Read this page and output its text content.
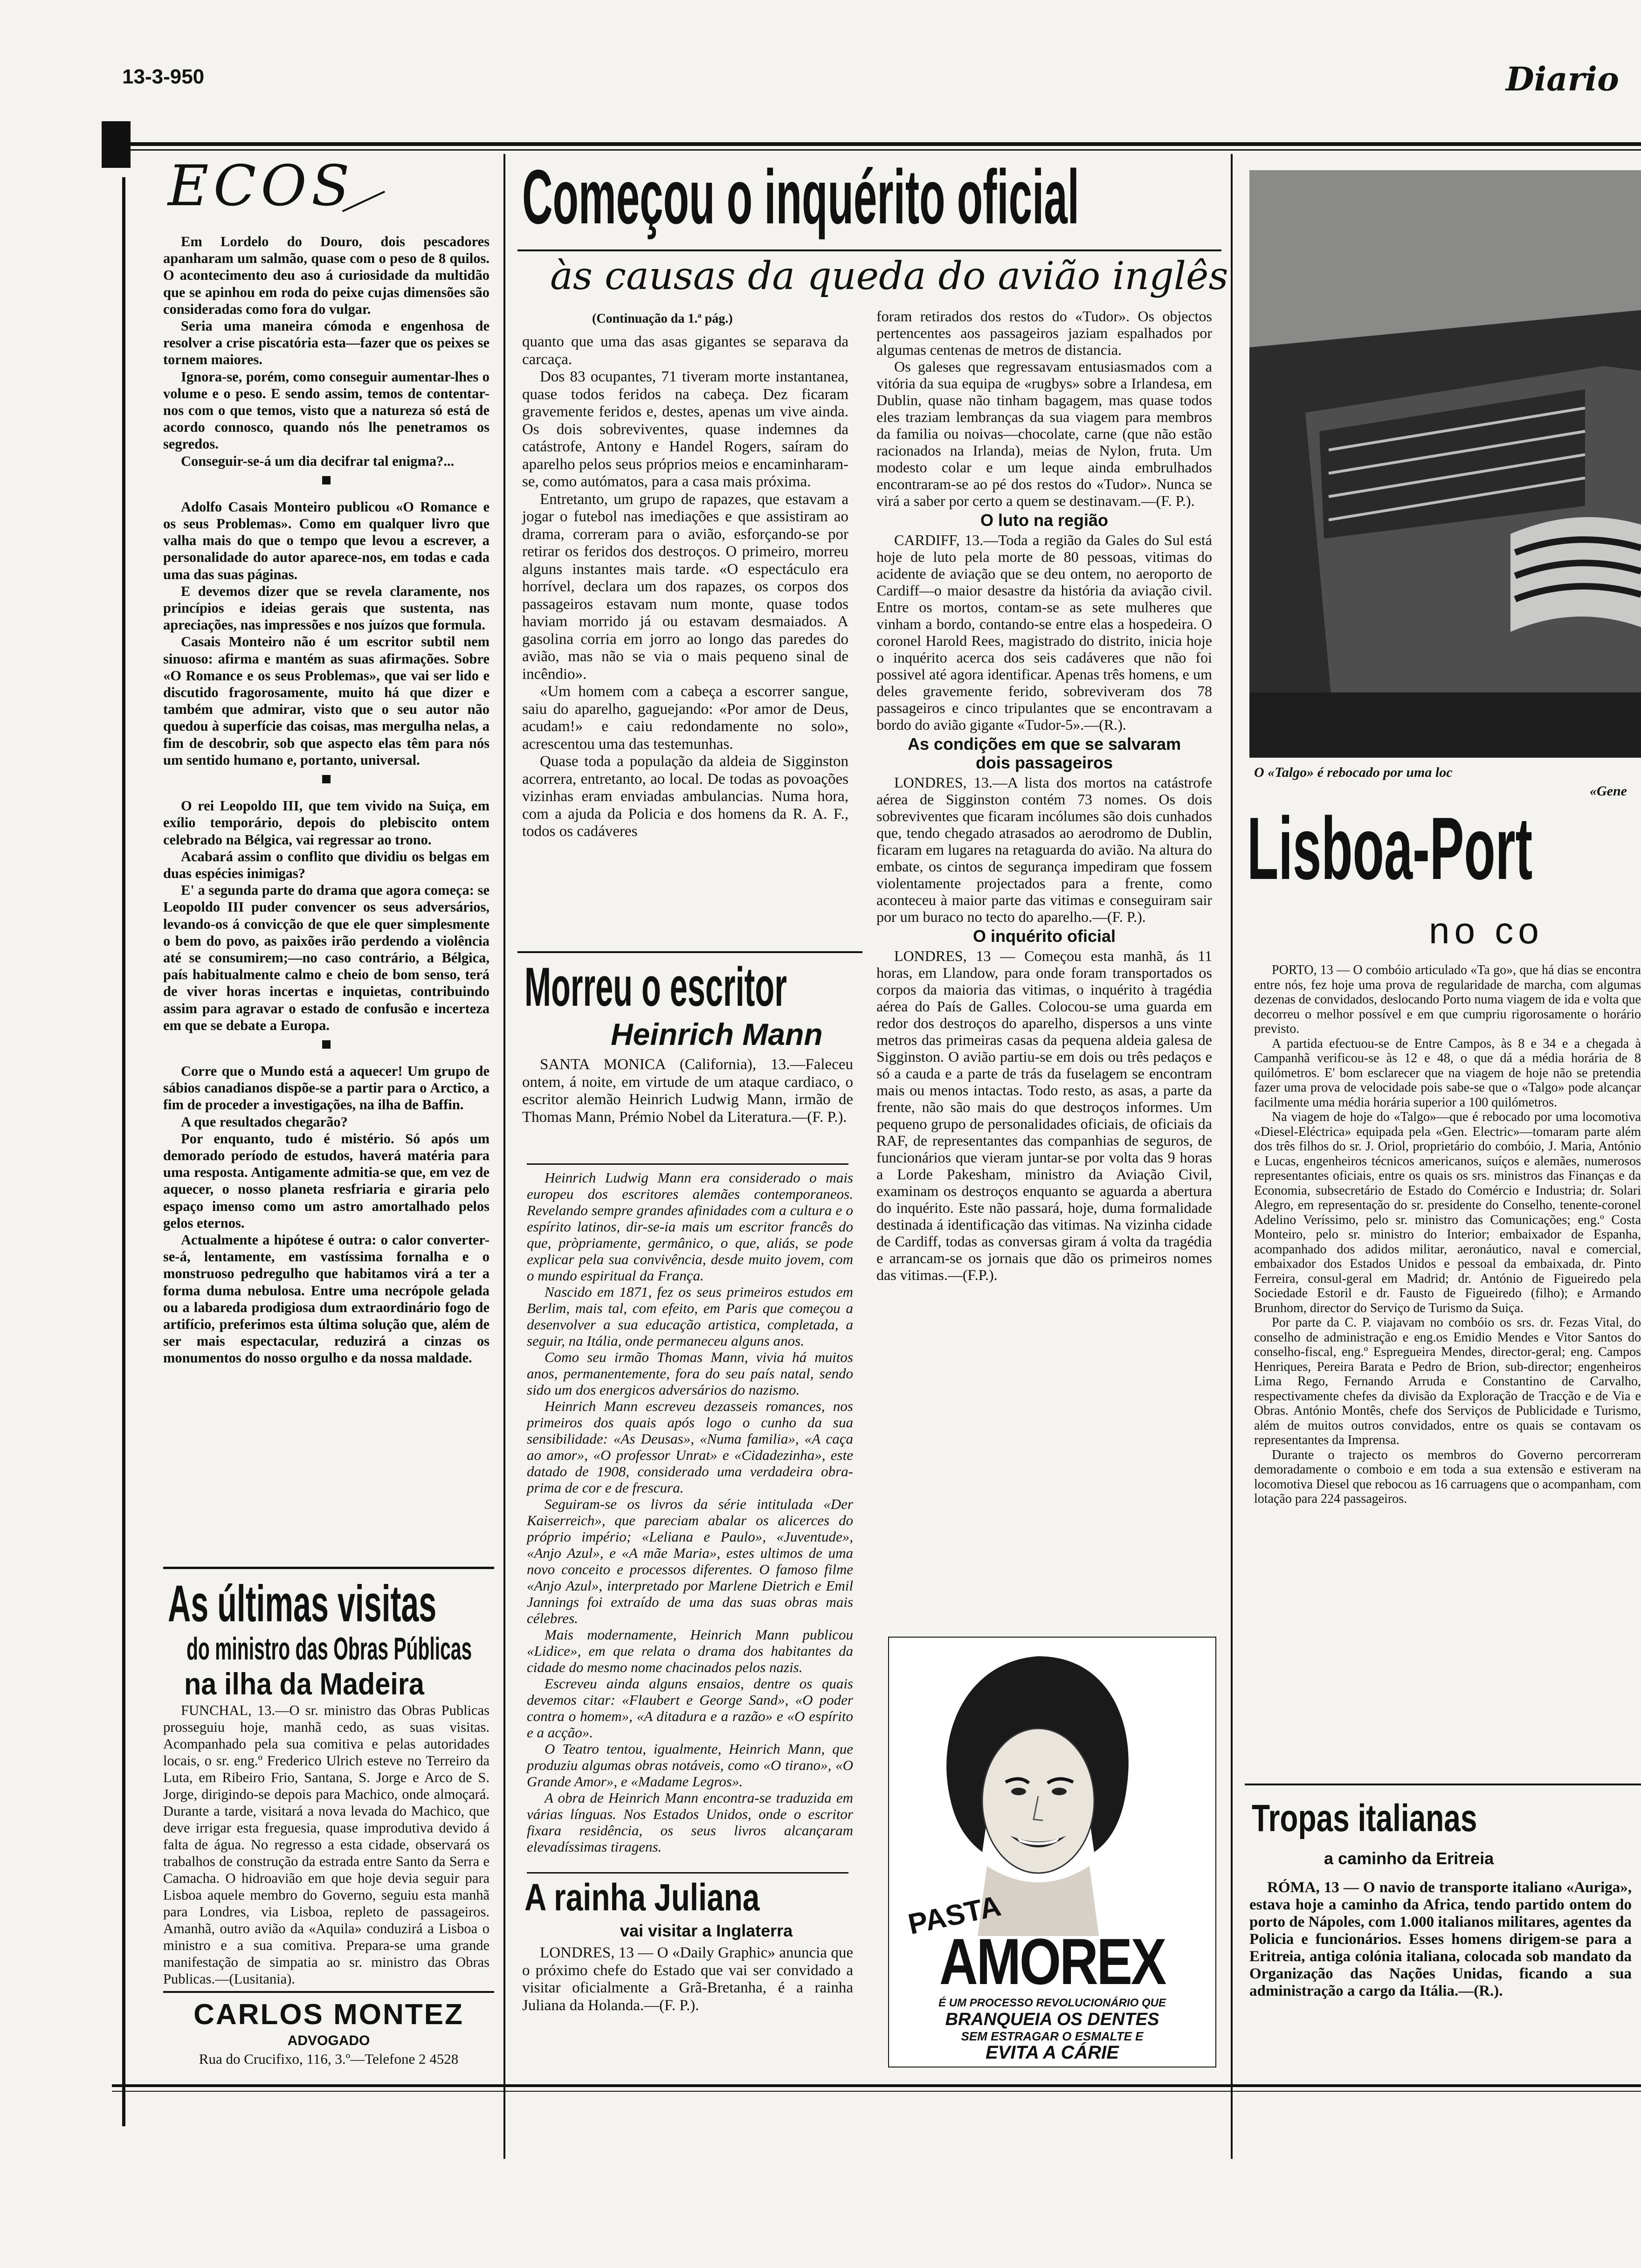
13-3-950	Diario
ECOS

Em Lordelo do Douro, dois pescadores apanharam um salmão, quase com o peso de 8 quilos. O acontecimento deu aso á curiosidade da multidão que se apinhou em roda do peixe cujas dimensões são consideradas como fora do vulgar.

Seria uma maneira cómoda e engenhosa de resolver a crise piscatória esta—fazer que os peixes se tornem maiores.

Ignora-se, porém, como conseguir aumentar-lhes o volume e o peso. E sendo assim, temos de contentar-nos com o que temos, visto que a natureza só está de acordo connosco, quando nós lhe penetramos os segredos.

Conseguir-se-á um dia decifrar tal enigma?...

Adolfo Casais Monteiro publicou «O Romance e os seus Problemas». Como em qualquer livro que valha mais do que o tempo que levou a escrever, a personalidade do autor aparece-nos, em todas e cada uma das suas páginas.

E devemos dizer que se revela claramente, nos princípios e ideias gerais que sustenta, nas apreciações, nas impressões e nos juízos que formula.

Casais Monteiro não é um escritor subtil nem sinuoso: afirma e mantém as suas afirmações. Sobre «O Romance e os seus Problemas», que vai ser lido e discutido fragorosamente, muito há que dizer e também que admirar, visto que o seu autor não quedou à superfície das coisas, mas mergulha nelas, a fim de descobrir, sob que aspecto elas têm para nós um sentido humano e, portanto, universal.

O rei Leopoldo III, que tem vivido na Suiça, em exílio temporário, depois do plebiscito ontem celebrado na Bélgica, vai regressar ao trono.

Acabará assim o conflito que dividiu os belgas em duas espécies inimigas?

E' a segunda parte do drama que agora começa: se Leopoldo III puder convencer os seus adversários, levando-os á convicção de que ele quer simplesmente o bem do povo, as paixões irão perdendo a violência até se consumirem;—no caso contrário, a Bélgica, país habitualmente calmo e cheio de bom senso, terá de viver horas incertas e inquietas, contribuindo assim para agravar o estado de confusão e incerteza em que se debate a Europa.

Corre que o Mundo está a aquecer! Um grupo de sábios canadianos dispõe-se a partir para o Arctico, a fim de proceder a investigações, na ilha de Baffin.

A que resultados chegarão?

Por enquanto, tudo é mistério. Só após um demorado período de estudos, haverá matéria para uma resposta. Antigamente admitia-se que, em vez de aquecer, o nosso planeta resfriaria e giraria pelo espaço imenso como um astro amortalhado pelos gelos eternos.

Actualmente a hipótese é outra: o calor converter-se-á, lentamente, em vastíssima fornalha e o monstruoso pedregulho que habitamos virá a ter a forma duma nebulosa. Entre uma necrópole gelada ou a labareda prodigiosa dum extraordinário fogo de artifício, preferimos esta última solução que, além de ser mais espectacular, reduzirá a cinzas os monumentos do nosso orgulho e da nossa maldade.

As últimas visitas
do ministro das Obras Públicas
na ilha da Madeira

FUNCHAL, 13.—O sr. ministro das Obras Publicas prosseguiu hoje, manhã cedo, as suas visitas. Acompanhado pela sua comitiva e pelas autoridades locais, o sr. eng.º Frederico Ulrich esteve no Terreiro da Luta, em Ribeiro Frio, Santana, S. Jorge e Arco de S. Jorge, dirigindo-se depois para Machico, onde almoçará. Durante a tarde, visitará a nova levada do Machico, que deve irrigar esta freguesia, quase improdutiva devido á falta de água. No regresso a esta cidade, observará os trabalhos de construção da estrada entre Santo da Serra e Camacha. O hidroavião em que hoje devia seguir para Lisboa aquele membro do Governo, seguiu esta manhã para Londres, via Lisboa, repleto de passageiros. Amanhã, outro avião da «Aquila» conduzirá a Lisboa o ministro e a sua comitiva. Prepara-se uma grande manifestação de simpatia ao sr. ministro das Obras Publicas.—(Lusitania).

CARLOS MONTEZ
ADVOGADO
Rua do Crucifixo, 116, 3.º—Telefone 2 4528
Começou o inquérito oficial
às causas da queda do avião inglês
(Continuação da 1.ª pág.)

quanto que uma das asas gigantes se separava da carcaça.

Dos 83 ocupantes, 71 tiveram morte instantanea, quase todos feridos na cabeça. Dez ficaram gravemente feridos e, destes, apenas um vive ainda. Os dois sobreviventes, quase indemnes da catástrofe, Antony e Handel Rogers, saíram do aparelho pelos seus próprios meios e encaminharam-se, como autómatos, para a casa mais próxima.

Entretanto, um grupo de rapazes, que estavam a jogar o futebol nas imediações e que assistiram ao drama, correram para o avião, esforçando-se por retirar os feridos dos destroços. O primeiro, morreu alguns instantes mais tarde. «O espectáculo era horrível, declara um dos rapazes, os corpos dos passageiros estavam num monte, quase todos haviam morrido já ou estavam desmaiados. A gasolina corria em jorro ao longo das paredes do avião, mas não se via o mais pequeno sinal de incêndio».

«Um homem com a cabeça a escorrer sangue, saiu do aparelho, gaguejando: «Por amor de Deus, acudam!» e caiu redondamente no solo», acrescentou uma das testemunhas.

Quase toda a população da aldeia de Sigginston acorrera, entretanto, ao local. De todas as povoações vizinhas eram enviadas ambulancias. Numa hora, com a ajuda da Policia e dos homens da R. A. F., todos os cadáveres

foram retirados dos restos do «Tudor». Os objectos pertencentes aos passageiros jaziam espalhados por algumas centenas de metros de distancia.

Os galeses que regressavam entusiasmados com a vitória da sua equipa de «rugbys» sobre a Irlandesa, em Dublin, quase não tinham bagagem, mas quase todos eles traziam lembranças da sua viagem para membros da familia ou noivas—chocolate, carne (que não estão racionados na Irlanda), meias de Nylon, fruta. Um modesto colar e um leque ainda embrulhados encontraram-se ao pé dos restos do «Tudor». Nunca se virá a saber por certo a quem se destinavam.—(F. P.).

O luto na região

CARDIFF, 13.—Toda a região da Gales do Sul está hoje de luto pela morte de 80 pessoas, vitimas do acidente de aviação que se deu ontem, no aeroporto de Cardiff—o maior desastre da história da aviação civil. Entre os mortos, contam-se as sete mulheres que vinham a bordo, contando-se entre elas a hospedeira. O coronel Harold Rees, magistrado do distrito, inicia hoje o inquérito acerca dos seis cadáveres que não foi possivel até agora identificar. Apenas três homens, e um deles gravemente ferido, sobreviveram dos 78 passageiros e cinco tripulantes que se encontravam a bordo do avião gigante «Tudor-5».—(R.).

As condições em que se salvaram dois passageiros

LONDRES, 13.—A lista dos mortos na catástrofe aérea de Sigginston contém 73 nomes. Os dois sobreviventes que ficaram incólumes são dois cunhados que, tendo chegado atrasados ao aerodromo de Dublin, ficaram em lugares na retaguarda do avião. Na altura do embate, os cintos de segurança impediram que fossem violentamente projectados para a frente, como aconteceu à maior parte das vitimas e conseguiram sair por um buraco no tecto do aparelho.—(F. P.).

O inquérito oficial

LONDRES, 13 — Começou esta manhã, ás 11 horas, em Llandow, para onde foram transportados os corpos da maioria das vitimas, o inquérito à tragédia aérea do País de Galles. Colocou-se uma guarda em redor dos destroços do aparelho, dispersos a uns vinte metros das primeiras casas da pequena aldeia galesa de Sigginston. O avião partiu-se em dois ou três pedaços e só a cauda e a parte de trás da fuselagem se encontram mais ou menos intactas. Todo resto, as asas, a parte da frente, não são mais do que destroços informes. Um pequeno grupo de personalidades oficiais, de oficiais da RAF, de representantes das companhias de seguros, de funcionários que vieram juntar-se por volta das 9 horas a Lorde Pakesham, ministro da Aviação Civil, examinam os destroços enquanto se aguarda a abertura do inquérito. Este não passará, hoje, duma formalidade destinada á identificação das vitimas. Na vizinha cidade de Cardiff, todas as conversas giram á volta da tragédia e arrancam-se os jornais que dão os primeiros nomes das vitimas.—(F.P.).

Morreu o escritor
Heinrich Mann

SANTA MONICA (California), 13.—Faleceu ontem, á noite, em virtude de um ataque cardiaco, o escritor alemão Heinrich Ludwig Mann, irmão de Thomas Mann, Prémio Nobel da Literatura.—(F. P.).

Heinrich Ludwig Mann era considerado o mais europeu dos escritores alemães contemporaneos. Revelando sempre grandes afinidades com a cultura e o espírito latinos, dir-se-ia mais um escritor francês do que, pròpriamente, germânico, o que, aliás, se pode explicar pela sua convivência, desde muito jovem, com o mundo espiritual da França.

Nascido em 1871, fez os seus primeiros estudos em Berlim, mais tal, com efeito, em Paris que começou a desenvolver a sua educação artistica, completada, a seguir, na Itália, onde permaneceu alguns anos.

Como seu irmão Thomas Mann, vivia há muitos anos, permanentemente, fora do seu país natal, sendo sido um dos energicos adversários do nazismo.

Heinrich Mann escreveu dezasseis romances, nos primeiros dos quais após logo o cunho da sua sensibilidade: «As Deusas», «Numa familia», «A caça ao amor», «O professor Unrat» e «Cidadezinha», este datado de 1908, considerado uma verdadeira obra-prima de cor e de frescura.

Seguiram-se os livros da série intitulada «Der Kaiserreich», que pareciam abalar os alicerces do próprio império; «Leliana e Paulo», «Juventude», «Anjo Azul», e «A mãe Maria», estes ultimos de uma novo conceito e processos diferentes. O famoso filme «Anjo Azul», interpretado por Marlene Dietrich e Emil Jannings foi extraído de uma das suas obras mais célebres.

Mais modernamente, Heinrich Mann publicou «Lidice», em que relata o drama dos habitantes da cidade do mesmo nome chacinados pelos nazis.

Escreveu ainda alguns ensaios, dentre os quais devemos citar: «Flaubert e George Sand», «O poder contra o homem», «A ditadura e a razão» e «O espírito e a acção».

O Teatro tentou, igualmente, Heinrich Mann, que produziu algumas obras notáveis, como «O tirano», «O Grande Amor», e «Madame Legros».

A obra de Heinrich Mann encontra-se traduzida em várias línguas. Nos Estados Unidos, onde o escritor fixara residência, os seus livros alcançaram elevadíssimas tiragens.

A rainha Juliana
vai visitar a Inglaterra

LONDRES, 13 — O «Daily Graphic» anuncia que o próximo chefe do Estado que vai ser convidado a visitar oficialmente a Grã-Bretanha, é a rainha Juliana da Holanda.—(F. P.).

PASTA
AMOREX
É UM PROCESSO REVOLUCIONÁRIO QUE
BRANQUEIA OS DENTES
SEM ESTRAGAR O ESMALTE E
EVITA A CÁRIE
O «Talgo» é rebocado por uma loc
«Gene
Lisboa-Port
no co

PORTO, 13 — O combóio articulado «Ta go», que há dias se encontra entre nós, fez hoje uma prova de regularidade de marcha, com algumas dezenas de convidados, deslocando Porto numa viagem de ida e volta que decorreu o melhor possível e em que cumpriu rigorosamente o horário previsto.

A partida efectuou-se de Entre Campos, às 8 e 34 e a chegada à Campanhã verificou-se às 12 e 48, o que dá a média horária de 8 quilómetros. E' bom esclarecer que na viagem de hoje não se pretendia fazer uma prova de velocidade pois sabe-se que o «Talgo» pode alcançar facilmente uma média horária superior a 100 quilómetros.

Na viagem de hoje do «Talgo»—que é rebocado por uma locomotiva «Diesel-Eléctrica» equipada pela «Gen. Electric»—tomaram parte além dos três filhos do sr. J. Oriol, proprietário do combóio, J. Maria, António e Lucas, engenheiros técnicos americanos, suíços e alemães, numerosos representantes oficiais, entre os quais os srs. ministros das Finanças e da Economia, subsecretário de Estado do Comércio e Industria; dr. Solari Alegro, em representação do sr. presidente do Conselho, tenente-coronel Adelino Veríssimo, pelo sr. ministro das Comunicações; eng.º Costa Monteiro, pelo sr. ministro do Interior; embaixador de Espanha, acompanhado dos adidos militar, aeronáutico, naval e comercial, embaixador dos Estados Unidos e pessoal da embaixada, dr. Pinto Ferreira, consul-geral em Madrid; dr. António de Figueiredo pela Sociedade Estoril e dr. Fausto de Figueiredo (filho); e Armando Brunhom, director do Serviço de Turismo da Suiça.

Por parte da C. P. viajavam no combóio os srs. dr. Fezas Vital, do conselho de administração e eng.os Emidio Mendes e Vitor Santos do conselho-fiscal, eng.º Espregueira Mendes, director-geral; eng. Campos Henriques, Pereira Barata e Pedro de Brion, sub-director; engenheiros Lima Rego, Fernando Arruda e Constantino de Carvalho, respectivamente chefes da divisão da Exploração de Tracção e de Via e Obras. António Montês, chefe dos Serviços de Publicidade e Turismo, além de muitos outros convidados, entre os quais se contavam os representantes da Imprensa.

Durante o trajecto os membros do Governo percorreram demoradamente o comboio e em toda a sua extensão e estiveram na locomotiva Diesel que rebocou as 16 carruagens que o acompanham, com lotação para 224 passageiros.

Tropas italianas
a caminho da Eritreia

RÓMA, 13 — O navio de transporte italiano «Auriga», estava hoje a caminho da Africa, tendo partido ontem do porto de Nápoles, com 1.000 italianos militares, agentes da Policia e funcionários. Esses homens dirigem-se para a Eritreia, antiga colónia italiana, colocada sob mandato da Organização das Nações Unidas, ficando a sua administração a cargo da Itália.—(R.).
